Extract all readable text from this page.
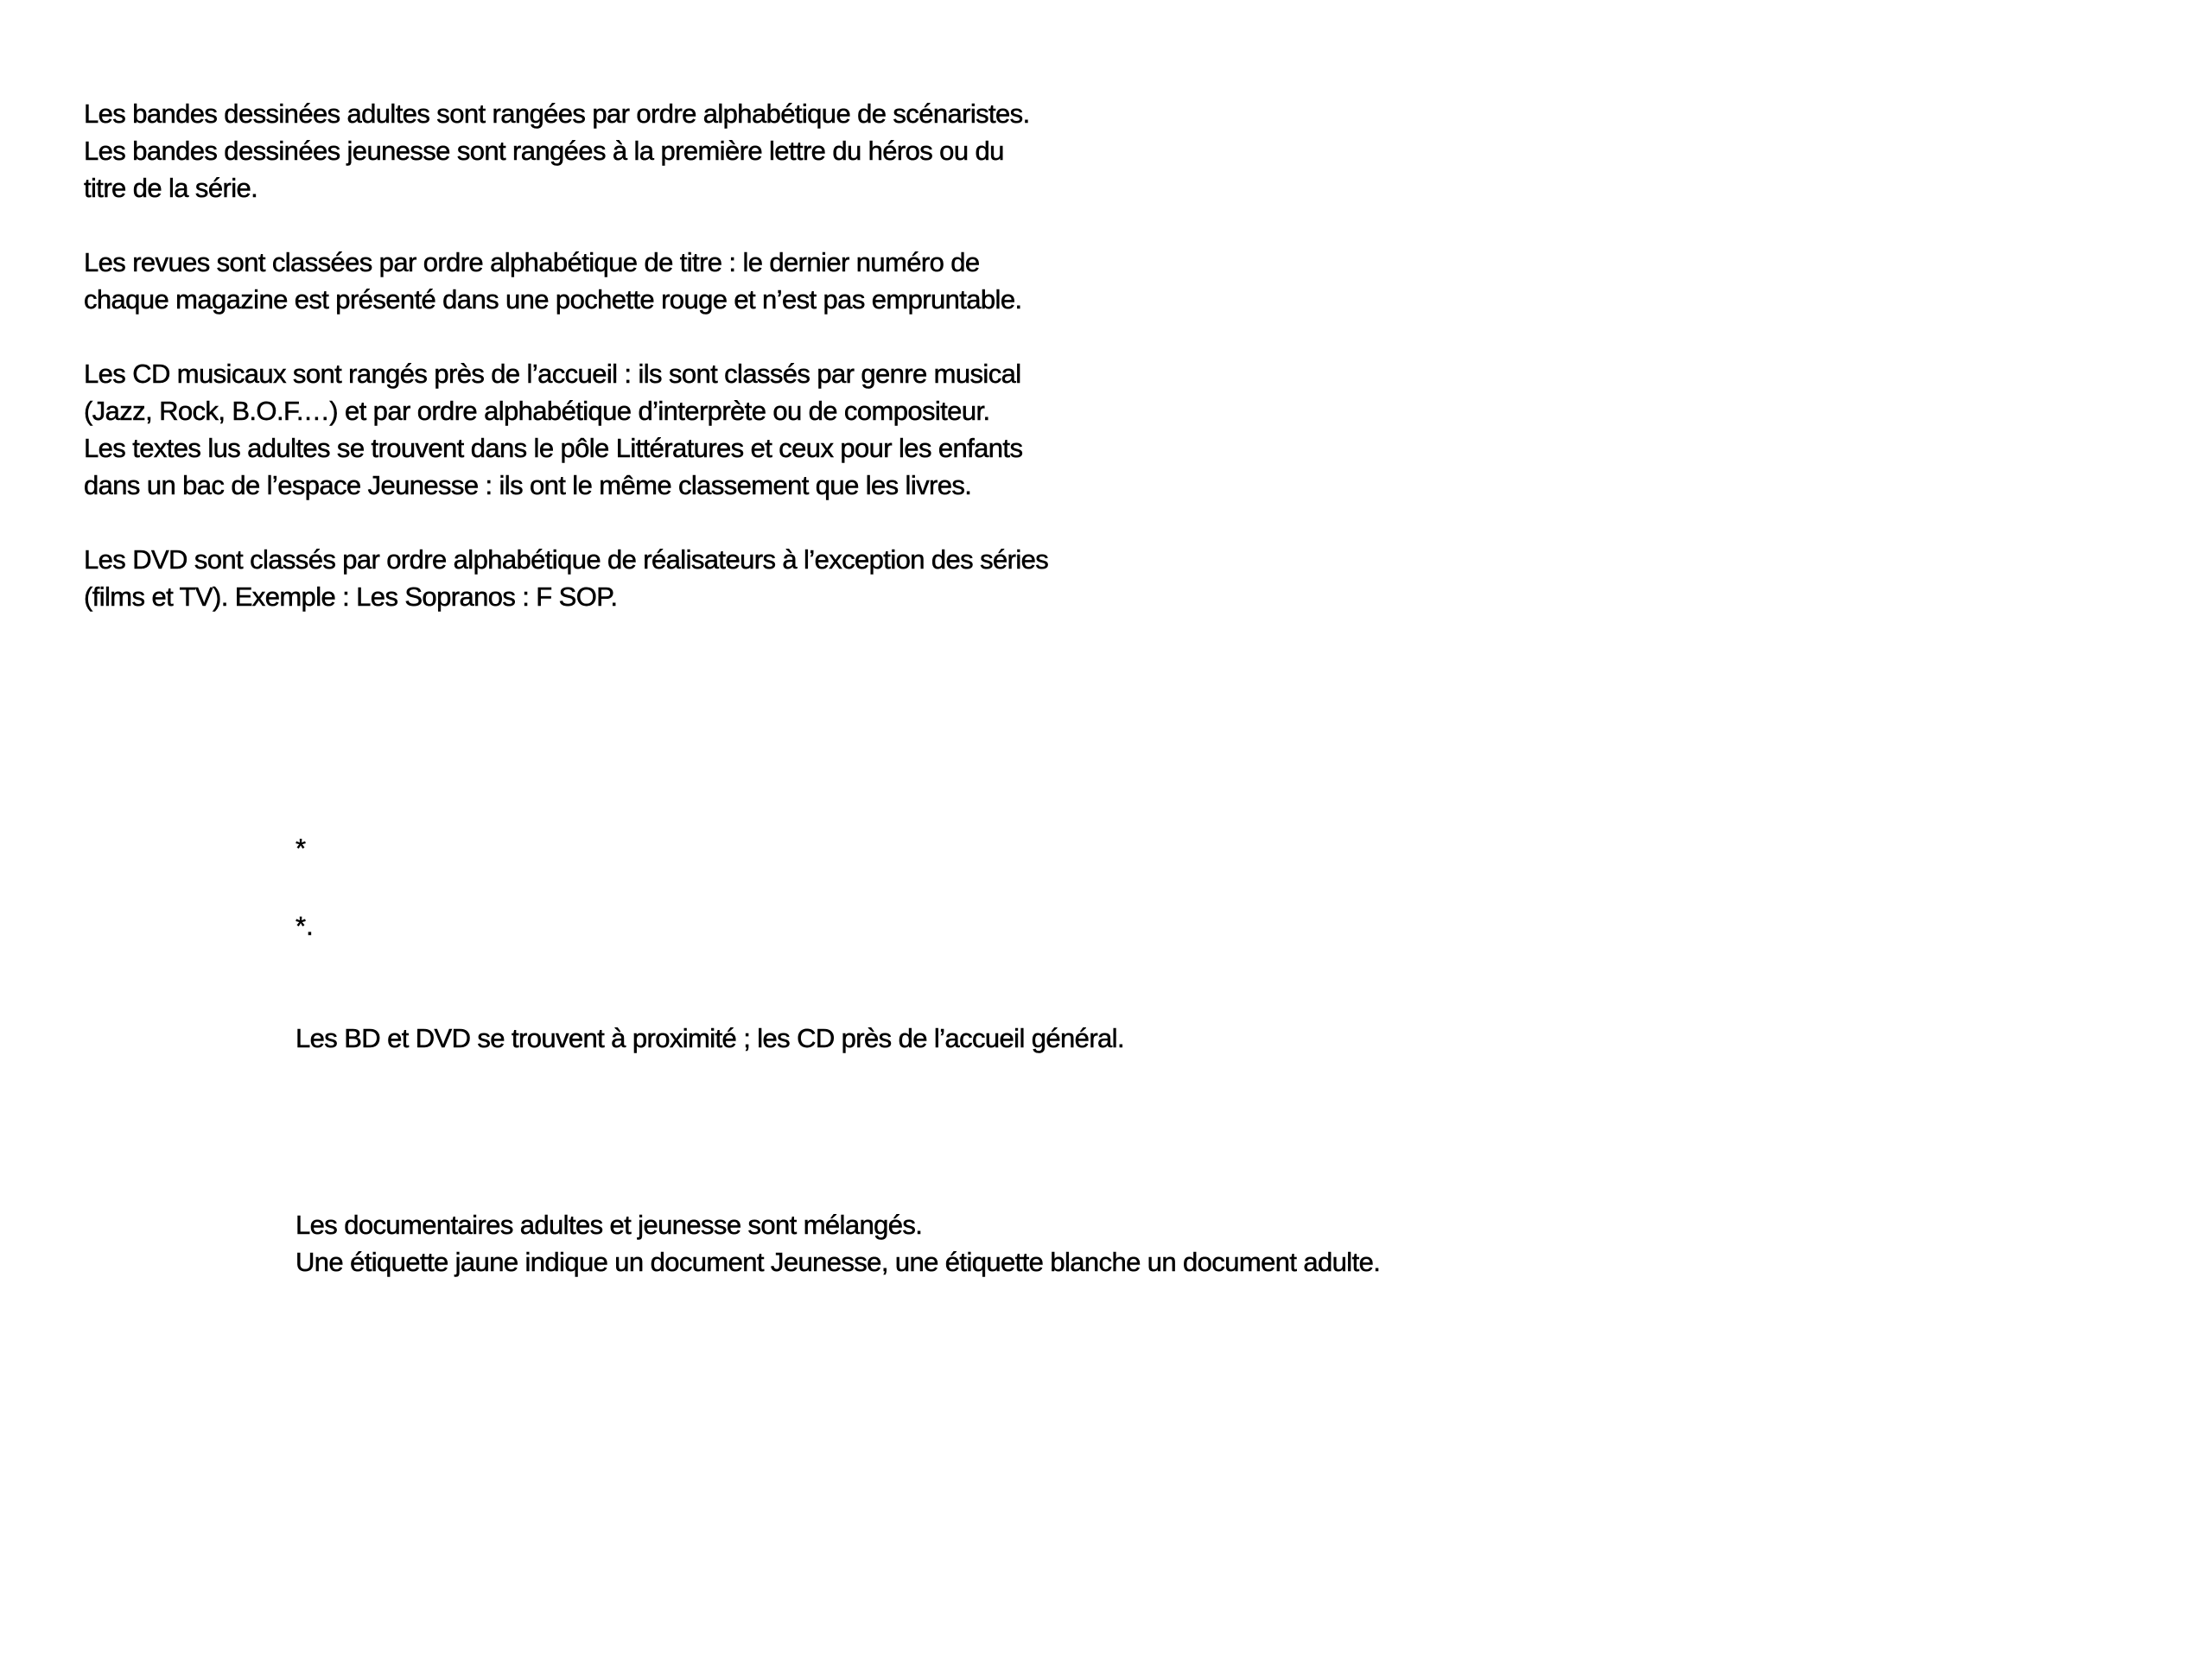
Les bandes dessinées adultes sont rangées par ordre alphabétique de scénaristes.
Les bandes dessinées jeunesse sont rangées à la première lettre du héros ou du
titre de la série.
Les revues sont classées par ordre alphabétique de titre : le dernier numéro de
chaque magazine est présenté dans une pochette rouge et n’est pas empruntable.
Les CD musicaux sont rangés près de l’accueil : ils sont classés par genre musical
(Jazz, Rock, B.O.F.…) et par ordre alphabétique d’interprète ou de compositeur.
Les textes lus adultes se trouvent dans le pôle Littératures et ceux pour les enfants
dans un bac de l’espace Jeunesse : ils ont le même classement que les livres.
Les DVD sont classés par ordre alphabétique de réalisateurs à l’exception des séries
(films et TV). Exemple : Les Sopranos : F SOP.

*

*.

Les BD et DVD se trouvent à proximité ; les CD près de l’accueil général.
Les documentaires adultes et jeunesse sont mélangés.
Une étiquette jaune indique un document Jeunesse, une étiquette blanche un document adulte.
